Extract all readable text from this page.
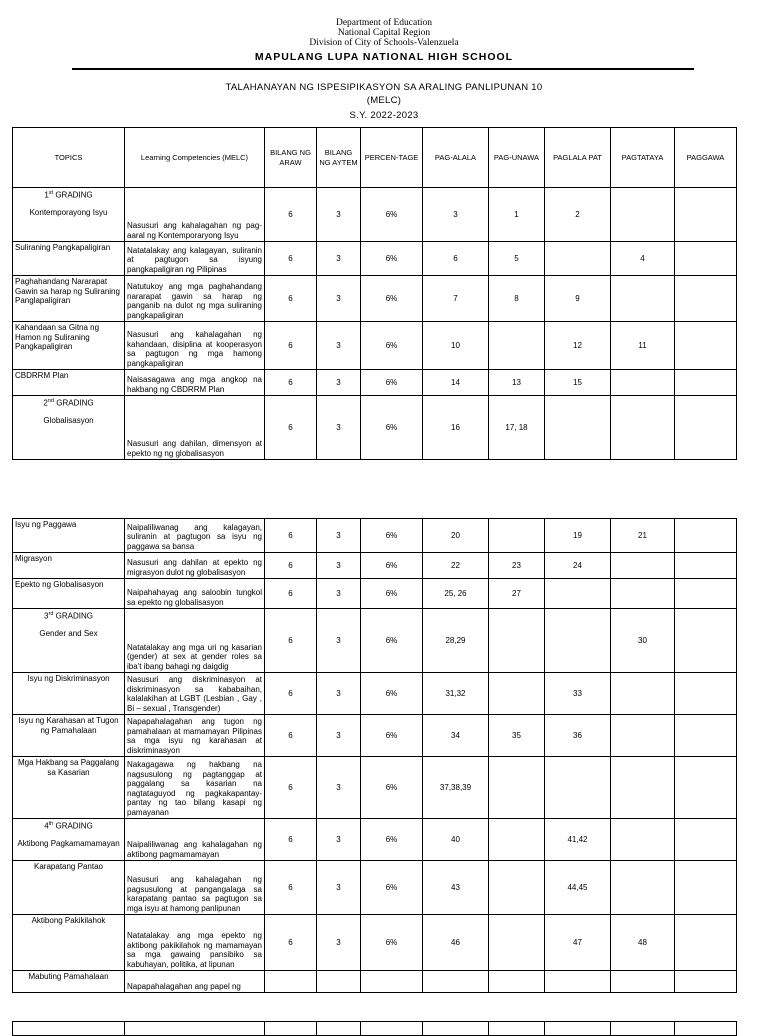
Department of Education
National Capital Region
Division of City of Schools-Valenzuela
MAPULANG LUPA NATIONAL HIGH SCHOOL
TALAHANAYAN NG ISPESIPIKASYON SA ARALING PANLIPUNAN 10
(MELC)
S.Y. 2022-2023
TOPICS	Learning Competencies (MELC)	BILANG NG ARAW	BILANG NG AYTEM	PERCEN-TAGE	PAG-ALALA	PAG-UNAWA	PAGLALA PAT	PAGTATAYA	PAGGAWA

1st GRADING
Kontemporayong Isyu	Nasusuri ang kahalagahan ng pag-aaral ng Kontemporaryong Isyu	6	3	6%	3	1	2		
Suliraning Pangkapaligiran	Natatalakay ang kalagayan, suliranin at pagtugon sa isyung pangkapaligiran ng Pilipinas	6	3	6%	6	5		4	
Paghahandang Nararapat Gawin sa harap ng Suliraning Panglapaligiran	Natutukoy ang mga paghahandang nararapat gawin sa harap ng panganib na dulot ng mga suliraning pangkapaligiran	6	3	6%	7	8	9		
Kahandaan sa Gitna ng Hamon ng Suliraning Pangkapaligiran	Nasusuri ang kahalagahan ng kahandaan, disiplina at kooperasyon sa pagtugon ng mga hamong pangkapaligiran	6	3	6%	10		12	11	
CBDRRM Plan	Naisasagawa ang mga angkop na hakbang ng CBDRRM Plan	6	3	6%	14	13	15		

2nd GRADING
Globalisasyon	Nasusuri ang dahilan, dimensyon at epekto ng ng globalisasyon	6	3	6%	16	17, 18			
Isyu ng Paggawa	Naipaliliwanag ang kalagayan, suliranin at pagtugon sa isyu ng paggawa sa bansa	6	3	6%	20		19	21	
Migrasyon	Nasusuri ang dahilan at epekto ng migrasyon dulot ng globalisasyon	6	3	6%	22	23	24		
Epekto ng Globalisasyon	Naipahahayag ang saloobin tungkol sa epekto ng globalisasyon	6	3	6%	25, 26	27			

3rd GRADING
Gender and Sex	Natatalakay ang mga uri ng kasarian (gender) at sex at gender roles sa iba't ibang bahagi ng daigdig	6	3	6%	28,29			30	
Isyu ng Diskriminasyon	Nasusuri ang diskriminasyon at diskriminasyon sa kababaihan, kalalakihan at LGBT (Lesbian , Gay , Bi – sexual , Transgender)	6	3	6%	31,32		33		
Isyu ng Karahasan at Tugon ng Pamahalaan	Napapahalagahan ang tugon ng pamahalaan at mamamayan Pilipinas sa mga isyu ng karahasan at diskriminasyon	6	3	6%	34	35	36		
Mga Hakbang sa Paggalang sa Kasarian	Nakagagawa ng hakbang na nagsusulong ng pagtanggap at paggalang sa kasarian na nagtataguyod ng pagkakapantay-pantay ng tao bilang kasapi ng pamayanan	6	3	6%	37,38,39				

4th GRADING
Aktibong Pagkamamamayan	Naipaliliwanag ang kahalagahan ng aktibong pagmamamayan	6	3	6%	40		41,42		
Karapatang Pantao	Nasusuri ang kahalagahan ng pagsusulong at pangangalaga sa karapatang pantao sa pagtugon sa mga isyu at hamong panlipunan	6	3	6%	43		44,45		
Aktibong Pakikilahok	Natatalakay ang mga epekto ng aktibong pakikilahok ng mamamayan sa mga gawaing pansibiko sa kabuhayan, politika, at lipunan	6	3	6%	46		47	48	
Mabuting Pamahalaan	Napapahalagahan ang papel ng								
